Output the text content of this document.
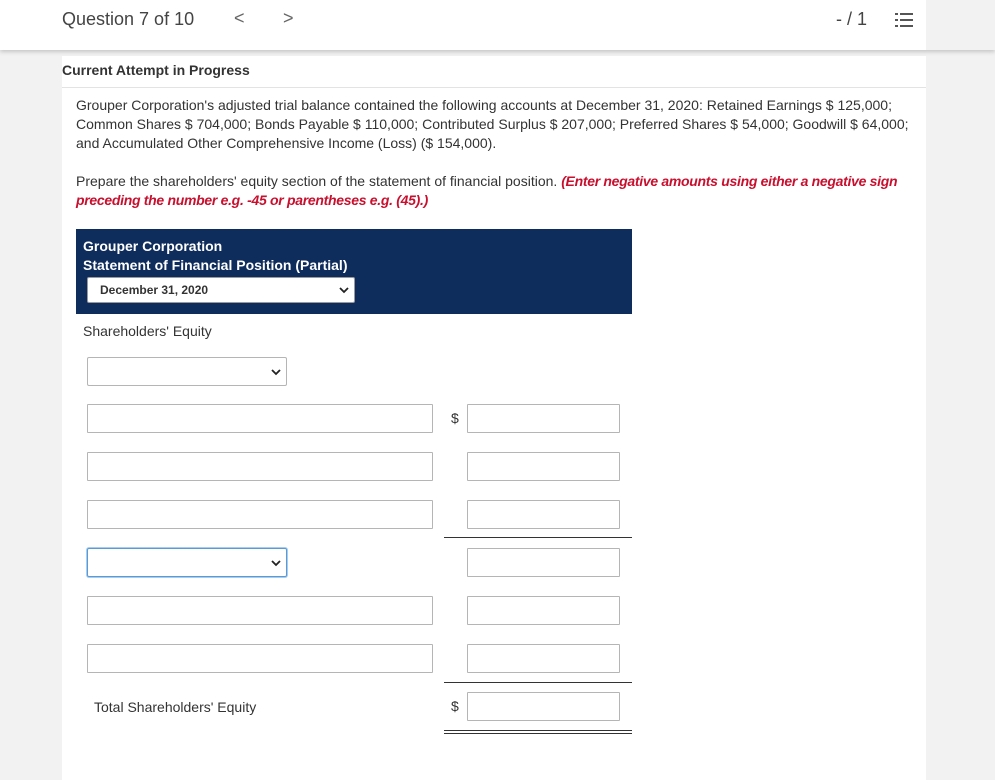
Question 7 of 10 < >	- / 1
Current Attempt in Progress
Grouper Corporation's adjusted trial balance contained the following accounts at December 31, 2020: Retained Earnings $ 125,000; Common Shares $ 704,000; Bonds Payable $ 110,000; Contributed Surplus $ 207,000; Preferred Shares $ 54,000; Goodwill $ 64,000; and Accumulated Other Comprehensive Income (Loss) ($ 154,000).
Prepare the shareholders' equity section of the statement of financial position. (Enter negative amounts using either a negative sign preceding the number e.g. -45 or parentheses e.g. (45).)
Grouper Corporation
Statement of Financial Position (Partial)
December 31, 2020
Shareholders' Equity
$
Total Shareholders' Equity	$
